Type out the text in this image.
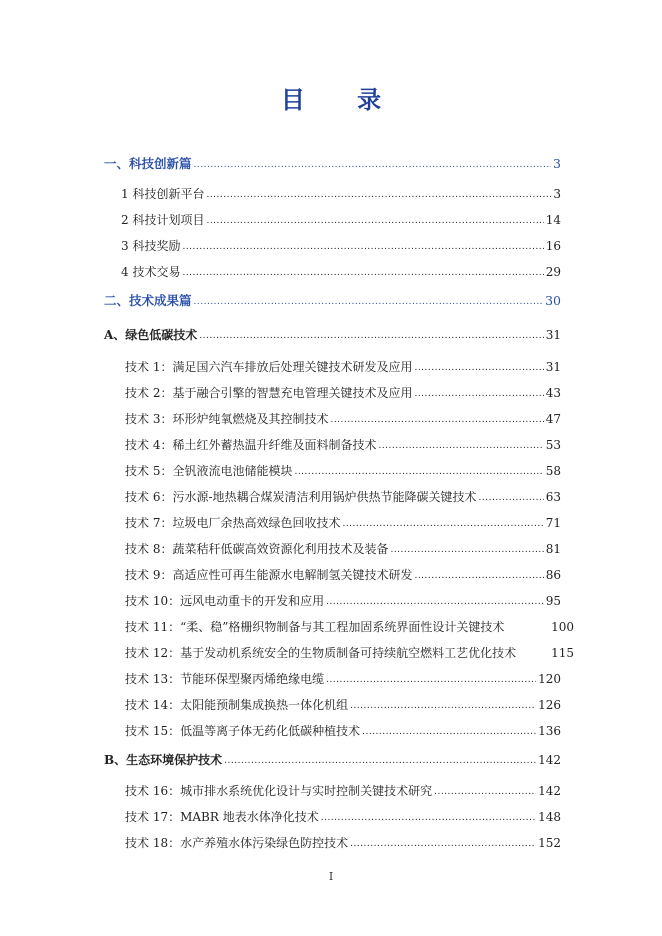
目 录
一、科技创新篇 .....	3
1 科技创新平台 .....	3
2 科技计划项目 .....	14
3 科技奖励 .....	16
4 技术交易 .....	29
二、技术成果篇 .....	30
A、绿色低碳技术 .....	31
技术 1：满足国六汽车排放后处理关键技术研发及应用 .....	31
技术 2：基于融合引擎的智慧充电管理关键技术及应用 .....	43
技术 3：环形炉纯氧燃烧及其控制技术 .....	47
技术 4：稀土红外蓄热温升纤维及面料制备技术 .....	53
技术 5：全钒液流电池储能模块 .....	58
技术 6：污水源-地热耦合煤炭清洁利用锅炉供热节能降碳关键技术 .....	63
技术 7：垃圾电厂余热高效绿色回收技术 .....	71
技术 8：蔬菜秸秆低碳高效资源化利用技术及装备 .....	81
技术 9：高适应性可再生能源水电解制氢关键技术研发 .....	86
技术 10：远风电动重卡的开发和应用 .....	95
技术 11：“柔、稳”格栅织物制备与其工程加固系统界面性设计关键技术	100
技术 12：基于发动机系统安全的生物质制备可持续航空燃料工艺优化技术	115
技术 13：节能环保型聚丙烯绝缘电缆 .....	120
技术 14：太阳能预制集成换热一体化机组 .....	126
技术 15：低温等离子体无药化低碳种植技术 .....	136
B、生态环境保护技术 .....	142
技术 16：城市排水系统优化设计与实时控制关键技术研究 .....	142
技术 17：MABR 地表水体净化技术 .....	148
技术 18：水产养殖水体污染绿色防控技术 .....	152
I
